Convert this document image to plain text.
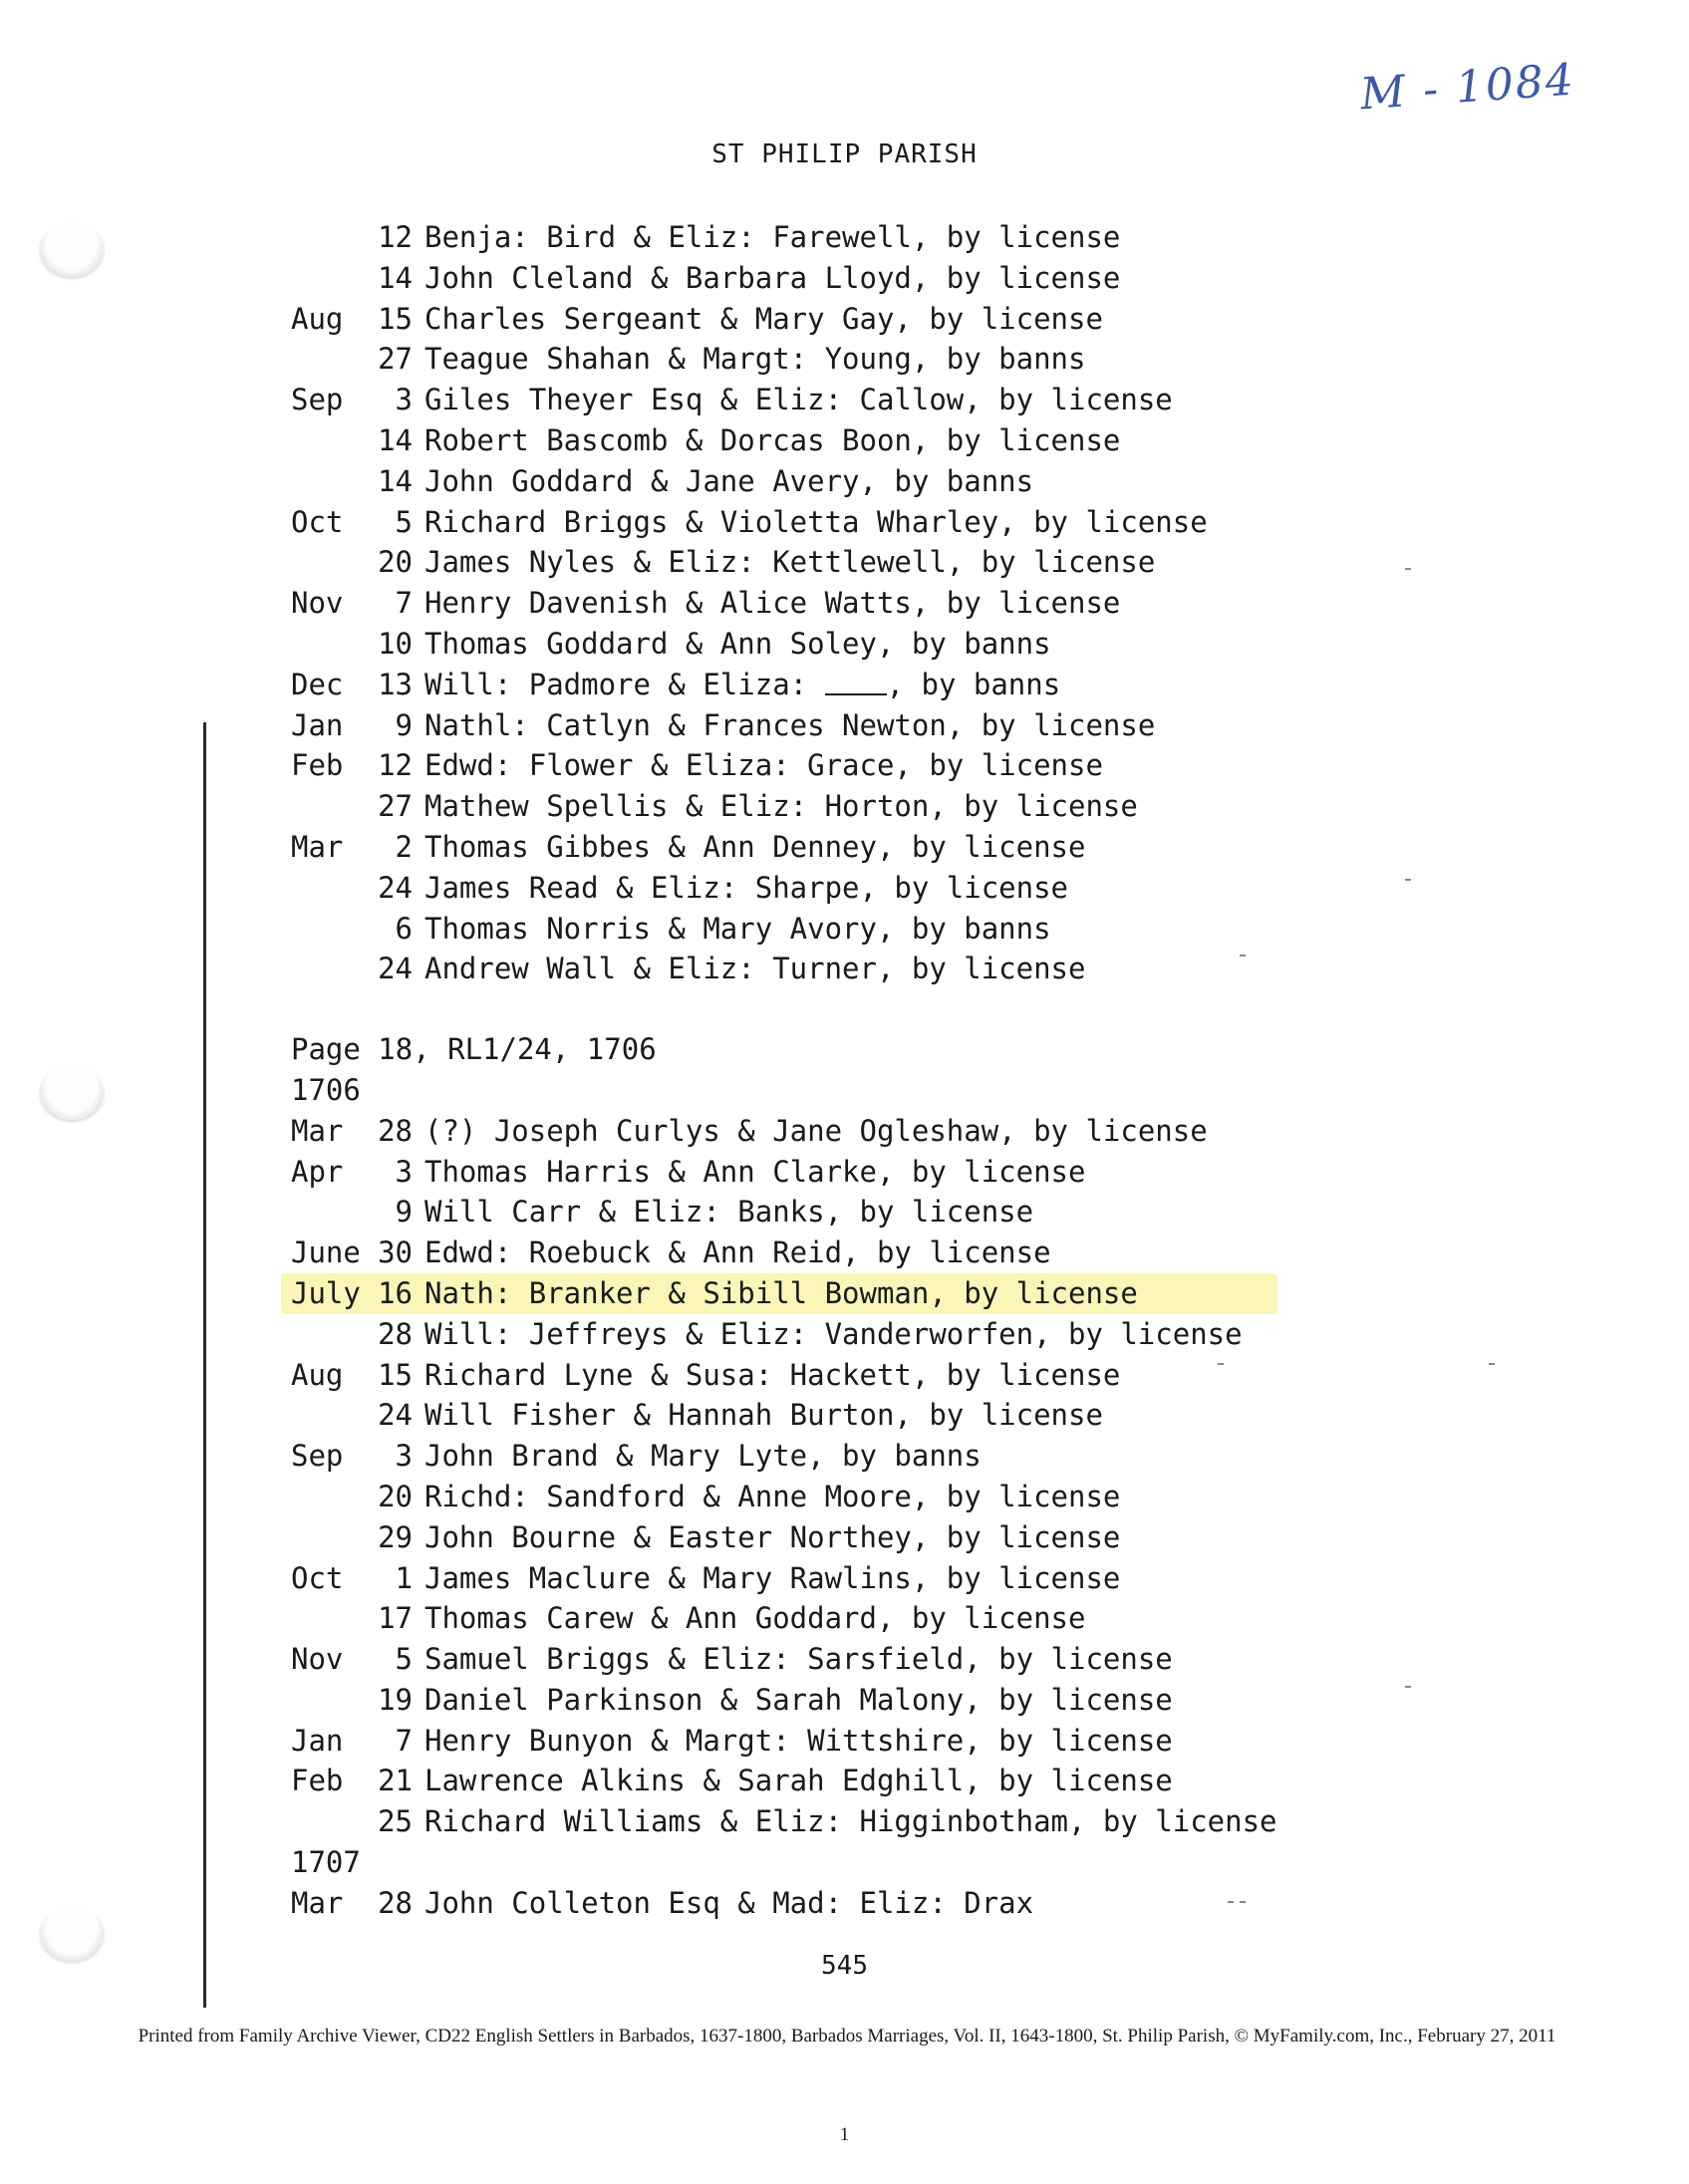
M - 1084
ST PHILIP PARISH
12 Benja: Bird & Eliz: Farewell, by license
14 John Cleland & Barbara Lloyd, by license
Aug	15 Charles Sergeant & Mary Gay, by license
27 Teague Shahan & Margt: Young, by banns
Sep	3 Giles Theyer Esq & Eliz: Callow, by license
14 Robert Bascomb & Dorcas Boon, by license
14 John Goddard & Jane Avery, by banns
Oct	5 Richard Briggs & Violetta Wharley, by license
20 James Nyles & Eliz: Kettlewell, by license
Nov	7 Henry Davenish & Alice Watts, by license
10 Thomas Goddard & Ann Soley, by banns
Dec	13 Will: Padmore & Eliza: , by banns
Jan	9 Nathl: Catlyn & Frances Newton, by license
Feb	12 Edwd: Flower & Eliza: Grace, by license
27 Mathew Spellis & Eliz: Horton, by license
Mar	2 Thomas Gibbes & Ann Denney, by license
24 James Read & Eliz: Sharpe, by license
6 Thomas Norris & Mary Avory, by banns
24 Andrew Wall & Eliz: Turner, by license
Page 18, RL1/24, 1706
1706
Mar	28 (?) Joseph Curlys & Jane Ogleshaw, by license
Apr	3 Thomas Harris & Ann Clarke, by license
9 Will Carr & Eliz: Banks, by license
June 30 Edwd: Roebuck & Ann Reid, by license
July 16 Nath: Branker & Sibill Bowman, by license
28 Will: Jeffreys & Eliz: Vanderworfen, by license
Aug	15 Richard Lyne & Susa: Hackett, by license
24 Will Fisher & Hannah Burton, by license
Sep	3 John Brand & Mary Lyte, by banns
20 Richd: Sandford & Anne Moore, by license
29 John Bourne & Easter Northey, by license
Oct	1 James Maclure & Mary Rawlins, by license
17 Thomas Carew & Ann Goddard, by license
Nov	5 Samuel Briggs & Eliz: Sarsfield, by license
19 Daniel Parkinson & Sarah Malony, by license
Jan	7 Henry Bunyon & Margt: Wittshire, by license
Feb	21 Lawrence Alkins & Sarah Edghill, by license
25 Richard Williams & Eliz: Higginbotham, by license
1707
Mar	28 John Colleton Esq & Mad: Eliz: Drax
545
Printed from Family Archive Viewer, CD22 English Settlers in Barbados, 1637-1800, Barbados Marriages, Vol. II, 1643-1800, St. Philip Parish, © MyFamily.com, Inc., February 27, 2011
1
